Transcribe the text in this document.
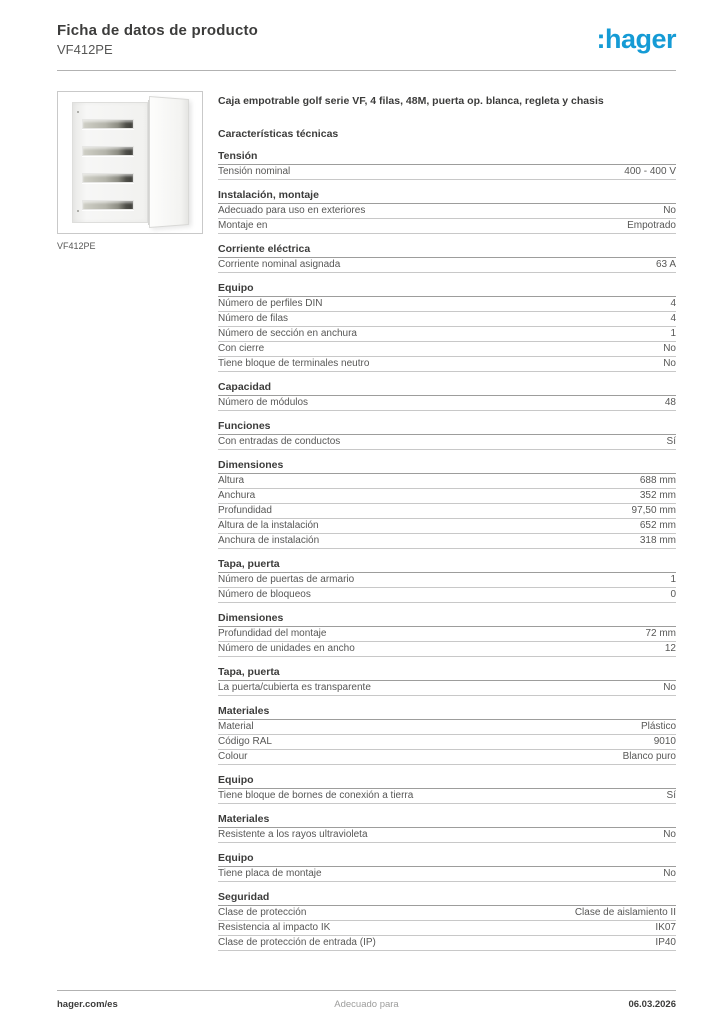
Ficha de datos de producto
VF412PE	:hager
VF412PE

Caja empotrable golf serie VF, 4 filas, 48M, puerta op. blanca, regleta y chasis

Características técnicas
Tensión
Tensión nominal	400 - 400 V
Instalación, montaje
Adecuado para uso en exteriores	No
Montaje en	Empotrado
Corriente eléctrica
Corriente nominal asignada	63 A
Equipo
Número de perfiles DIN	4
Número de filas	4
Número de sección en anchura	1
Con cierre	No
Tiene bloque de terminales neutro	No
Capacidad
Número de módulos	48
Funciones
Con entradas de conductos	Sí
Dimensiones
Altura	688 mm
Anchura	352 mm
Profundidad	97,50 mm
Altura de la instalación	652 mm
Anchura de instalación	318 mm
Tapa, puerta
Número de puertas de armario	1
Número de bloqueos	0
Dimensiones
Profundidad del montaje	72 mm
Número de unidades en ancho	12
Tapa, puerta
La puerta/cubierta es transparente	No
Materiales
Material	Plástico
Código RAL	9010
Colour	Blanco puro
Equipo
Tiene bloque de bornes de conexión a tierra	Sí
Materiales
Resistente a los rayos ultravioleta	No
Equipo
Tiene placa de montaje	No
Seguridad
Clase de protección	Clase de aislamiento II
Resistencia al impacto IK	IK07
Clase de protección de entrada (IP)	IP40
hager.com/es	Adecuado para	06.03.2026
